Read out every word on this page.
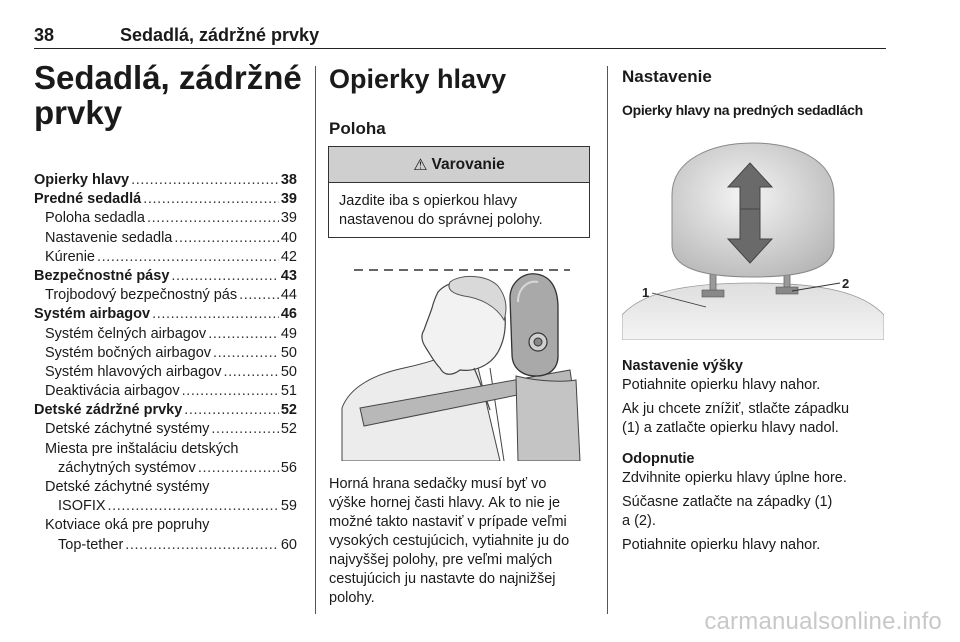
38	Sedadlá, zádržné prvky
Sedadlá, zádržné
prvky
Opierky hlavy .....	38
Predné sedadlá .....	39
Poloha sedadla .....	39
Nastavenie sedadla .....	40
Kúrenie .....	42
Bezpečnostné pásy .....	43
Trojbodový bezpečnostný pás .....	44
Systém airbagov .....	46
Systém čelných airbagov .....	49
Systém bočných airbagov .....	50
Systém hlavových airbagov .....	50
Deaktivácia airbagov .....	51
Detské zádržné prvky .....	52
Detské záchytné systémy .....	52
Miesta pre inštaláciu detských
záchytných systémov .....	56
Detské záchytné systémy
ISOFIX .....	59
Kotviace oká pre popruhy
Top-tether .....	60
Opierky hlavy
Poloha
⚠ Varovanie
Jazdite iba s opierkou hlavy
nastavenou do správnej polohy.
Horná hrana sedačky musí byť vo
výške hornej časti hlavy. Ak to nie je
možné takto nastaviť v prípade veľmi
vysokých cestujúcich, vytiahnite ju do
najvyššej polohy, pre veľmi malých
cestujúcich ju nastavte do najnižšej
polohy.
Nastavenie
Opierky hlavy na predných sedadlách
1
2
Nastavenie výšky

Potiahnite opierku hlavy nahor.

Ak ju chcete znížiť, stlačte západku
(1) a zatlačte opierku hlavy nadol.

Odopnutie

Zdvihnite opierku hlavy úplne hore.

Súčasne zatlačte na západky (1)
a (2).

Potiahnite opierku hlavy nahor.

carmanualsonline.info
